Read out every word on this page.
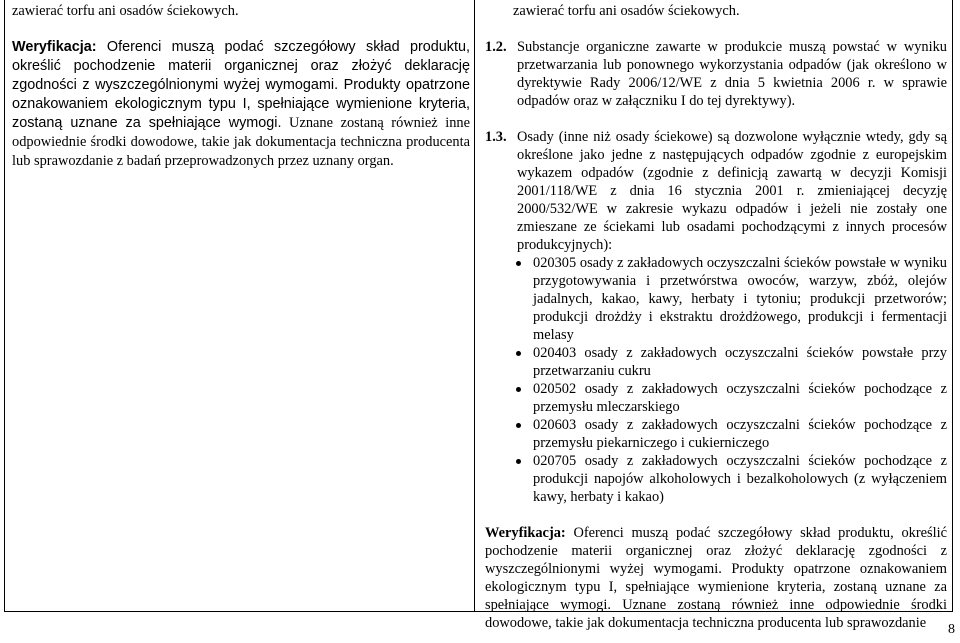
zawierać torfu ani osadów ściekowych.

Weryfikacja: Oferenci muszą podać szczegółowy skład produktu, określić pochodzenie materii organicznej oraz złożyć deklarację zgodności z wyszczególnionymi wyżej wymogami. Produkty opatrzone oznakowaniem ekologicznym typu I, spełniające wymienione kryteria, zostaną uznane za spełniające wymogi. Uznane zostaną również inne odpowiednie środki dowodowe, takie jak dokumentacja techniczna producenta lub sprawozdanie z badań przeprowadzonych przez uznany organ.

zawierać torfu ani osadów ściekowych.

1.2. Substancje organiczne zawarte w produkcie muszą powstać w wyniku przetwarzania lub ponownego wykorzystania odpadów (jak określono w dyrektywie Rady 2006/12/WE z dnia 5 kwietnia 2006 r. w sprawie odpadów oraz w załączniku I do tej dyrektywy).

1.3. Osady (inne niż osady ściekowe) są dozwolone wyłącznie wtedy, gdy są określone jako jedne z następujących odpadów zgodnie z europejskim wykazem odpadów (zgodnie z definicją zawartą w decyzji Komisji 2001/118/WE z dnia 16 stycznia 2001 r. zmieniającej decyzję 2000/532/WE w zakresie wykazu odpadów i jeżeli nie zostały one zmieszane ze ściekami lub osadami pochodzącymi z innych procesów produkcyjnych):

020305 osady z zakładowych oczyszczalni ścieków powstałe w wyniku przygotowywania i przetwórstwa owoców, warzyw, zbóż, olejów jadalnych, kakao, kawy, herbaty i tytoniu; produkcji przetworów; produkcji drożdży i ekstraktu drożdżowego, produkcji i fermentacji melasy
020403 osady z zakładowych oczyszczalni ścieków powstałe przy przetwarzaniu cukru
020502 osady z zakładowych oczyszczalni ścieków pochodzące z przemysłu mleczarskiego
020603 osady z zakładowych oczyszczalni ścieków pochodzące z przemysłu piekarniczego i cukierniczego
020705 osady z zakładowych oczyszczalni ścieków pochodzące z produkcji napojów alkoholowych i bezalkoholowych (z wyłączeniem kawy, herbaty i kakao)

Weryfikacja: Oferenci muszą podać szczegółowy skład produktu, określić pochodzenie materii organicznej oraz złożyć deklarację zgodności z wyszczególnionymi wyżej wymogami. Produkty opatrzone oznakowaniem ekologicznym typu I, spełniające wymienione kryteria, zostaną uznane za spełniające wymogi. Uznane zostaną również inne odpowiednie środki dowodowe, takie jak dokumentacja techniczna producenta lub sprawozdanie	8
